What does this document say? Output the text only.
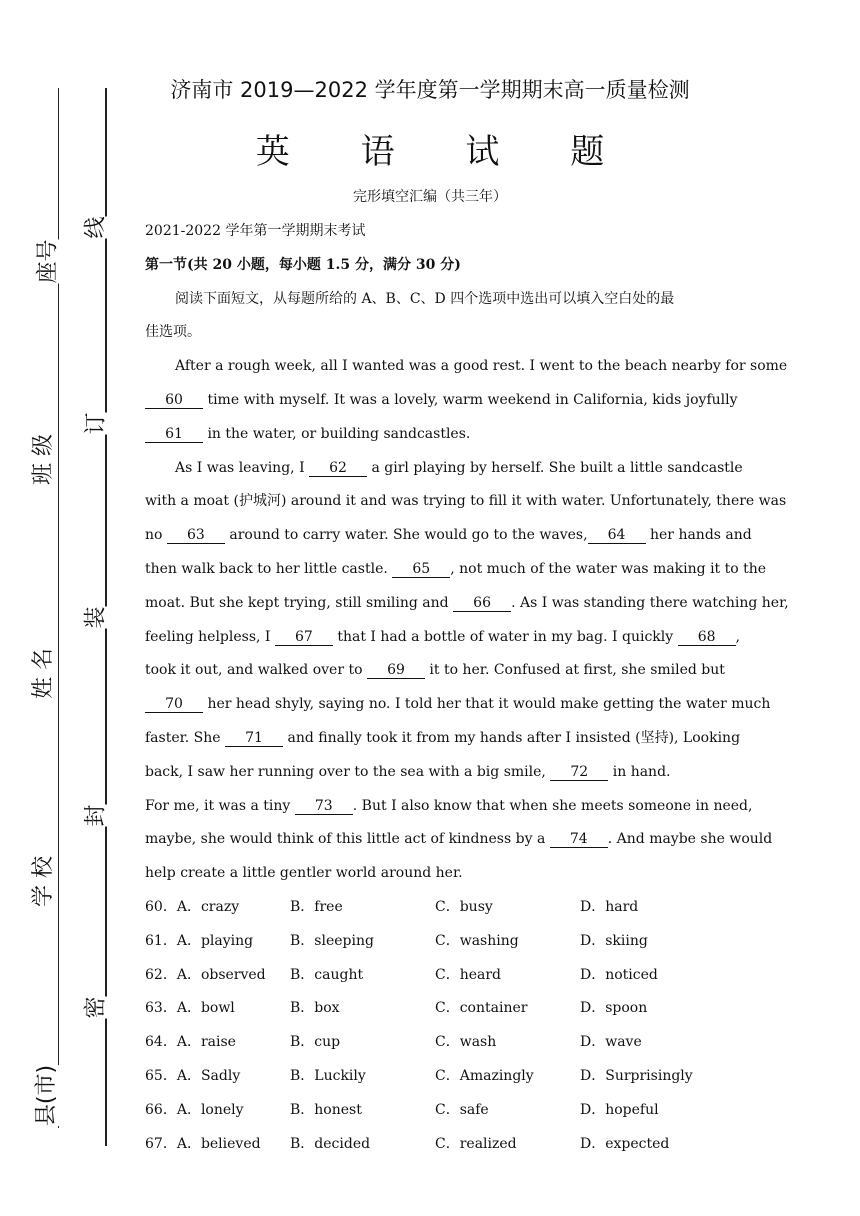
密
封
装
订
线
县(市)
学 校
姓 名
班 级
座号
济南市 2019—2022 学年度第一学期期末高一质量检测
英 语 试 题
完形填空汇编（共三年）
2021-2022 学年第一学期期末考试
第一节(共 20 小题，每小题 1.5 分，满分 30 分)
阅读下面短文，从每题所给的 A、B、C、D 四个选项中选出可以填入空白处的最
佳选项。
After a rough week, all I wanted was a good rest. I went to the beach nearby for some
60 time with myself. It was a lovely, warm weekend in California, kids joyfully
61 in the water, or building sandcastles.
As I was leaving, I 62 a girl playing by herself. She built a little sandcastle
with a moat (护城河) around it and was trying to fill it with water. Unfortunately, there was
no 63 around to carry water. She would go to the waves, 64 her hands and
then walk back to her little castle. 65 , not much of the water was making it to the
moat. But she kept trying, still smiling and 66 . As I was standing there watching her,
feeling helpless, I 67 that I had a bottle of water in my bag. I quickly 68 ,
took it out, and walked over to 69 it to her. Confused at first, she smiled but
70 her head shyly, saying no. I told her that it would make getting the water much
faster. She 71 and finally took it from my hands after I insisted (坚持), Looking
back, I saw her running over to the sea with a big smile, 72 in hand.
For me, it was a tiny 73 . But I also know that when she meets someone in need,
maybe, she would think of this little act of kindness by a 74 . And maybe she would
help create a little gentler world around her.
60．A．crazy	B．free	C．busy	D．hard
61．A．playing	B．sleeping	C．washing	D．skiing
62．A．observed	B．caught	C．heard	D．noticed
63．A．bowl	B．box	C．container	D．spoon
64．A．raise	B．cup	C．wash	D．wave
65．A．Sadly	B．Luckily	C．Amazingly	D．Surprisingly
66．A．lonely	B．honest	C．safe	D．hopeful
67．A．believed	B．decided	C．realized	D．expected
